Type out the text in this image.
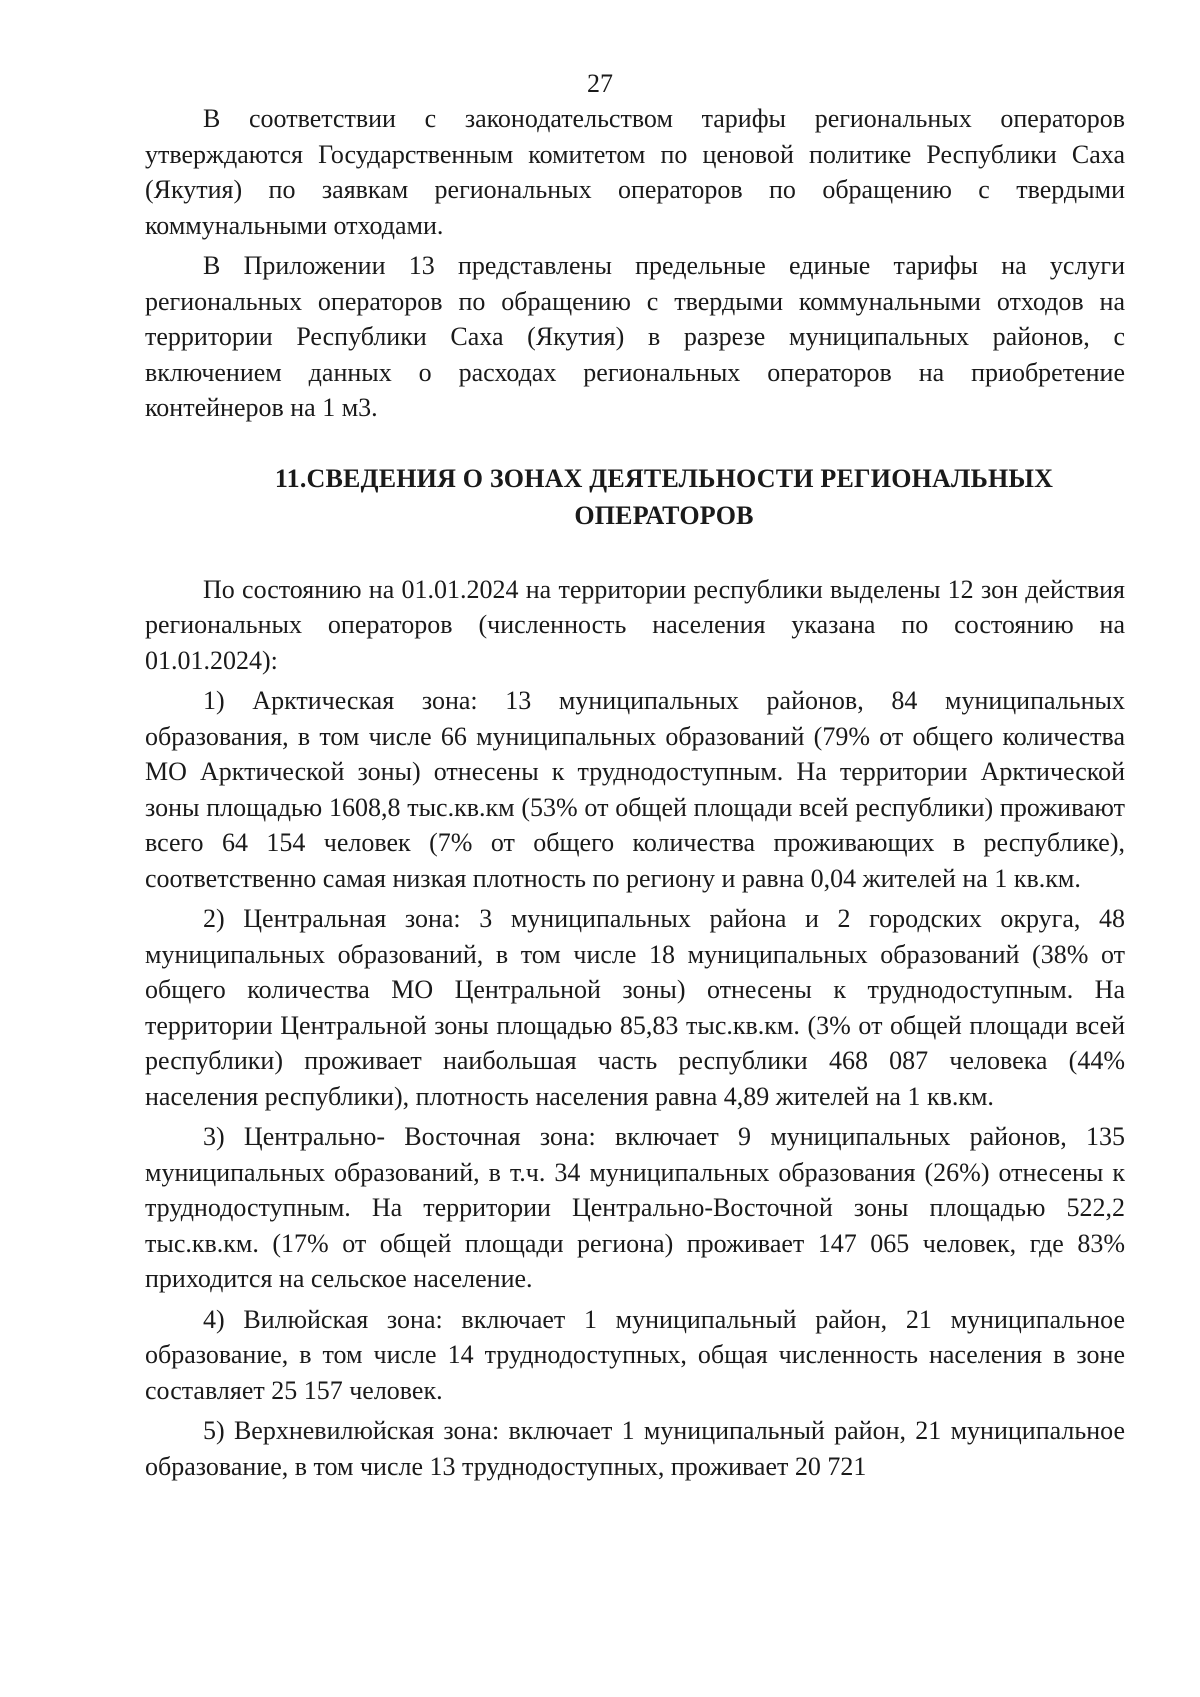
27

В соответствии с законодательством тарифы региональных операторов утверждаются Государственным комитетом по ценовой политике Республики Саха (Якутия) по заявкам региональных операторов по обращению с твердыми коммунальными отходами.

В Приложении 13 представлены предельные единые тарифы на услуги региональных операторов по обращению с твердыми коммунальными отходов на территории Республики Саха (Якутия) в разрезе муниципальных районов, с включением данных о расходах региональных операторов на приобретение контейнеров на 1 м3.

11.СВЕДЕНИЯ О ЗОНАХ ДЕЯТЕЛЬНОСТИ РЕГИОНАЛЬНЫХ ОПЕРАТОРОВ

По состоянию на 01.01.2024 на территории республики выделены 12 зон действия региональных операторов (численность населения указана по состоянию на 01.01.2024):

1) Арктическая зона: 13 муниципальных районов, 84 муниципальных образования, в том числе 66 муниципальных образований (79% от общего количества МО Арктической зоны) отнесены к труднодоступным. На территории Арктической зоны площадью 1608,8 тыс.кв.км (53% от общей площади всей республики) проживают всего 64 154 человек (7% от общего количества проживающих в республике), соответственно самая низкая плотность по региону и равна 0,04 жителей на 1 кв.км.

2) Центральная зона: 3 муниципальных района и 2 городских округа, 48 муниципальных образований, в том числе 18 муниципальных образований (38% от общего количества МО Центральной зоны) отнесены к труднодоступным. На территории Центральной зоны площадью 85,83 тыс.кв.км. (3% от общей площади всей республики) проживает наибольшая часть республики 468 087 человека (44% населения республики), плотность населения равна 4,89 жителей на 1 кв.км.

3) Центрально- Восточная зона: включает 9 муниципальных районов, 135 муниципальных образований, в т.ч. 34 муниципальных образования (26%) отнесены к труднодоступным. На территории Центрально-Восточной зоны площадью 522,2 тыс.кв.км. (17% от общей площади региона) проживает 147 065 человек, где 83% приходится на сельское население.

4) Вилюйская зона: включает 1 муниципальный район, 21 муниципальное образование, в том числе 14 труднодоступных, общая численность населения в зоне составляет 25 157 человек.

5) Верхневилюйская зона: включает 1 муниципальный район, 21 муниципальное образование, в том числе 13 труднодоступных, проживает 20 721
